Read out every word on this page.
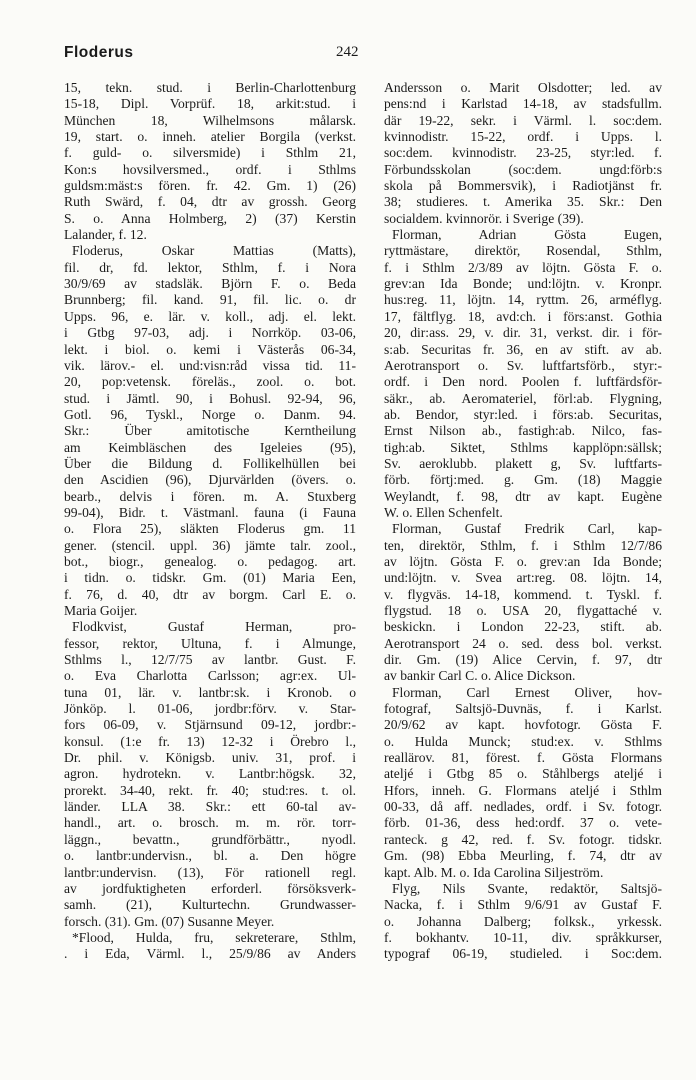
Floderus	242
15, tekn. stud. i Berlin-Charlottenburg
15-18, Dipl. Vorprüf. 18, arkit:stud. i
München 18, Wilhelmsons målarsk.
19, start. o. inneh. atelier Borgila (verkst.
f. guld- o. silversmide) i Sthlm 21,
Kon:s hovsilversmed., ordf. i Sthlms
guldsm:mäst:s fören. fr. 42. Gm. 1) (26)
Ruth Swärd, f. 04, dtr av grossh. Georg
S. o. Anna Holmberg, 2) (37) Kerstin
Lalander, f. 12.
Floderus, Oskar Mattias (Matts),
fil. dr, fd. lektor, Sthlm, f. i Nora
30/9/69 av stadsläk. Björn F. o. Beda
Brunnberg; fil. kand. 91, fil. lic. o. dr
Upps. 96, e. lär. v. koll., adj. el. lekt.
i Gtbg 97-03, adj. i Norrköp. 03-06,
lekt. i biol. o. kemi i Västerås 06-34,
vik. lärov.- el. und:visn:råd vissa tid. 11-
20, pop:vetensk. föreläs., zool. o. bot.
stud. i Jämtl. 90, i Bohusl. 92-94, 96,
Gotl. 96, Tyskl., Norge o. Danm. 94.
Skr.: Über amitotische Kerntheilung
am Keimbläschen des Igeleies (95),
Über die Bildung d. Follikelhüllen bei
den Ascidien (96), Djurvärlden (övers. o.
bearb., delvis i fören. m. A. Stuxberg
99-04), Bidr. t. Västmanl. fauna (i Fauna
o. Flora 25), släkten Floderus gm. 11
gener. (stencil. uppl. 36) jämte talr. zool.,
bot., biogr., genealog. o. pedagog. art.
i tidn. o. tidskr. Gm. (01) Maria Een,
f. 76, d. 40, dtr av borgm. Carl E. o.
Maria Goijer.
Flodkvist, Gustaf Herman, pro-
fessor, rektor, Ultuna, f. i Almunge,
Sthlms l., 12/7/75 av lantbr. Gust. F.
o. Eva Charlotta Carlsson; agr:ex. Ul-
tuna 01, lär. v. lantbr:sk. i Kronob. o
Jönköp. l. 01-06, jordbr:förv. v. Star-
fors 06-09, v. Stjärnsund 09-12, jordbr:-
konsul. (1:e fr. 13) 12-32 i Örebro l.,
Dr. phil. v. Königsb. univ. 31, prof. i
agron. hydrotekn. v. Lantbr:högsk. 32,
prorekt. 34-40, rekt. fr. 40; stud:res. t. ol.
länder. LLA 38. Skr.: ett 60-tal av-
handl., art. o. brosch. m. m. rör. torr-
läggn., bevattn., grundförbättr., nyodl.
o. lantbr:undervisn., bl. a. Den högre
lantbr:undervisn. (13), För rationell regl.
av jordfuktigheten erforderl. försöksverk-
samh. (21), Kulturtechn. Grundwasser-
forsch. (31). Gm. (07) Susanne Meyer.
*Flood, Hulda, fru, sekreterare, Sthlm,
. i Eda, Värml. l., 25/9/86 av Anders
Andersson o. Marit Olsdotter; led. av
pens:nd i Karlstad 14-18, av stadsfullm.
där 19-22, sekr. i Värml. l. soc:dem.
kvinnodistr. 15-22, ordf. i Upps. l.
soc:dem. kvinnodistr. 23-25, styr:led. f.
Förbundsskolan (soc:dem. ungd:förb:s
skola på Bommersvik), i Radiotjänst fr.
38; studieres. t. Amerika 35. Skr.: Den
socialdem. kvinnorör. i Sverige (39).
Florman, Adrian Gösta Eugen,
ryttmästare, direktör, Rosendal, Sthlm,
f. i Sthlm 2/3/89 av löjtn. Gösta F. o.
grev:an Ida Bonde; und:löjtn. v. Kronpr.
hus:reg. 11, löjtn. 14, ryttm. 26, arméflyg.
17, fältflyg. 18, avd:ch. i förs:anst. Gothia
20, dir:ass. 29, v. dir. 31, verkst. dir. i för-
s:ab. Securitas fr. 36, en av stift. av ab.
Aerotransport o. Sv. luftfartsförb., styr:-
ordf. i Den nord. Poolen f. luftfärdsför-
säkr., ab. Aeromateriel, förl:ab. Flygning,
ab. Bendor, styr:led. i förs:ab. Securitas,
Ernst Nilson ab., fastigh:ab. Nilco, fas-
tigh:ab. Siktet, Sthlms kapplöpn:sällsk;
Sv. aeroklubb. plakett g, Sv. luftfarts-
förb. förtj:med. g. Gm. (18) Maggie
Weylandt, f. 98, dtr av kapt. Eugène
W. o. Ellen Schenfelt.
Florman, Gustaf Fredrik Carl, kap-
ten, direktör, Sthlm, f. i Sthlm 12/7/86
av löjtn. Gösta F. o. grev:an Ida Bonde;
und:löjtn. v. Svea art:reg. 08. löjtn. 14,
v. flygväs. 14-18, kommend. t. Tyskl. f.
flygstud. 18 o. USA 20, flygattaché v.
beskickn. i London 22-23, stift. ab.
Aerotransport 24 o. sed. dess bol. verkst.
dir. Gm. (19) Alice Cervin, f. 97, dtr
av bankir Carl C. o. Alice Dickson.
Florman, Carl Ernest Oliver, hov-
fotograf, Saltsjö-Duvnäs, f. i Karlst.
20/9/62 av kapt. hovfotogr. Gösta F.
o. Hulda Munck; stud:ex. v. Sthlms
reallärov. 81, förest. f. Gösta Flormans
ateljé i Gtbg 85 o. Ståhlbergs ateljé i
Hfors, inneh. G. Flormans ateljé i Sthlm
00-33, då aff. nedlades, ordf. i Sv. fotogr.
förb. 01-36, dess hed:ordf. 37 o. vete-
ranteck. g 42, red. f. Sv. fotogr. tidskr.
Gm. (98) Ebba Meurling, f. 74, dtr av
kapt. Alb. M. o. Ida Carolina Siljeström.
Flyg, Nils Svante, redaktör, Saltsjö-
Nacka, f. i Sthlm 9/6/91 av Gustaf F.
o. Johanna Dalberg; folksk., yrkessk.
f. bokhantv. 10-11, div. språkkurser,
typograf 06-19, studieled. i Soc:dem.
